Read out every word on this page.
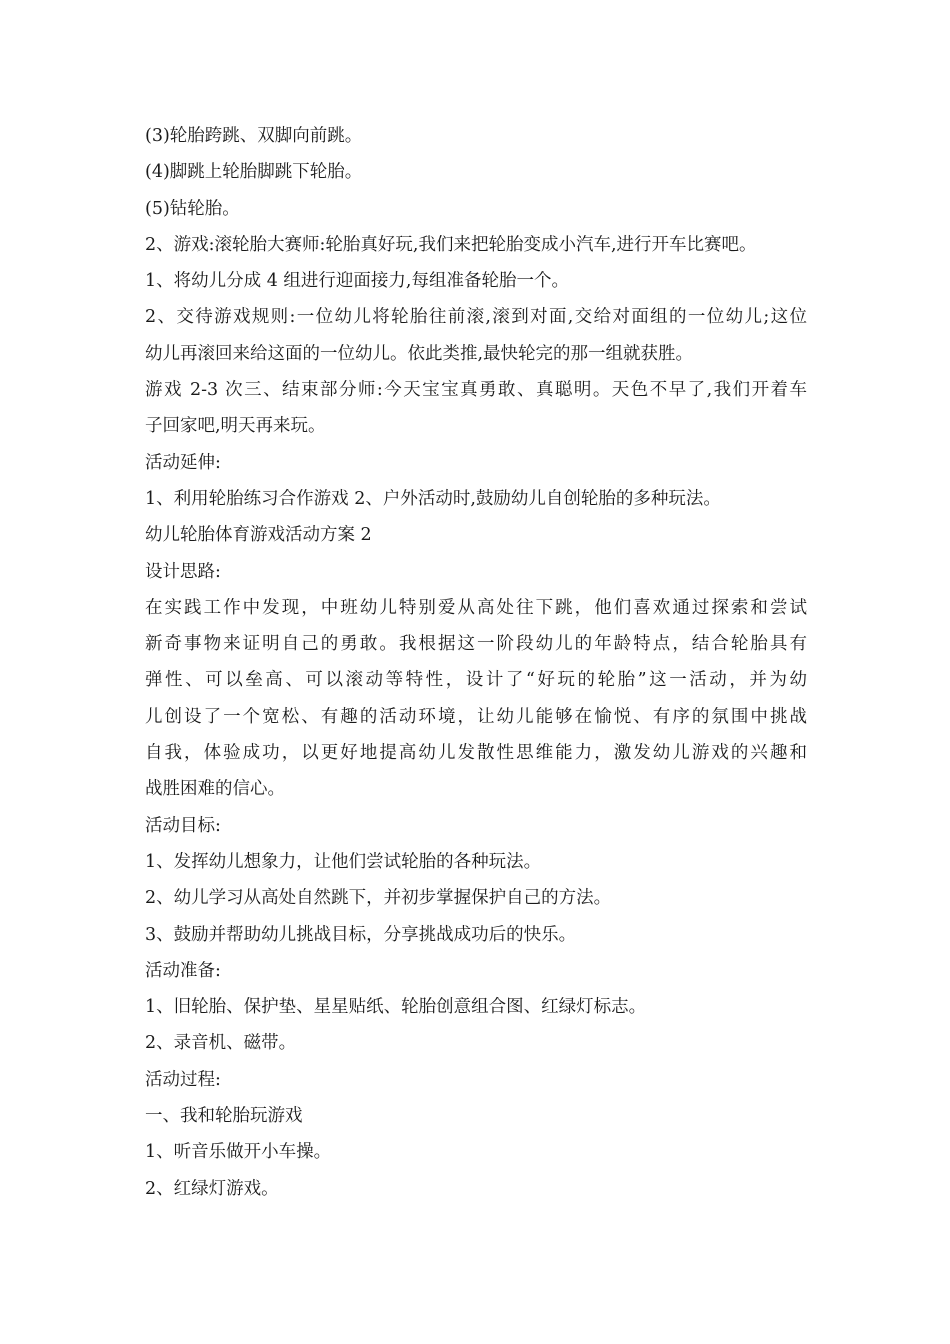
(3)轮胎跨跳、双脚向前跳。
(4)脚跳上轮胎脚跳下轮胎。
(5)钻轮胎。
2、游戏:滚轮胎大赛师:轮胎真好玩,我们来把轮胎变成小汽车,进行开车比赛吧。
1、将幼儿分成 4 组进行迎面接力,每组准备轮胎一个。
2、交待游戏规则:一位幼儿将轮胎往前滚,滚到对面,交给对面组的一位幼儿;这位
幼儿再滚回来给这面的一位幼儿。依此类推,最快轮完的那一组就获胜。
游戏 2-3 次三、结束部分师:今天宝宝真勇敢、真聪明。天色不早了,我们开着车
子回家吧,明天再来玩。
活动延伸:
1、利用轮胎练习合作游戏 2、户外活动时,鼓励幼儿自创轮胎的多种玩法。
幼儿轮胎体育游戏活动方案 2
设计思路:
在实践工作中发现，中班幼儿特别爱从高处往下跳，他们喜欢通过探索和尝试
新奇事物来证明自己的勇敢。我根据这一阶段幼儿的年龄特点，结合轮胎具有
弹性、可以垒高、可以滚动等特性，设计了“好玩的轮胎”这一活动，并为幼
儿创设了一个宽松、有趣的活动环境，让幼儿能够在愉悦、有序的氛围中挑战
自我，体验成功，以更好地提高幼儿发散性思维能力，激发幼儿游戏的兴趣和
战胜困难的信心。
活动目标:
1、发挥幼儿想象力，让他们尝试轮胎的各种玩法。
2、幼儿学习从高处自然跳下，并初步掌握保护自己的方法。
3、鼓励并帮助幼儿挑战目标，分享挑战成功后的快乐。
活动准备:
1、旧轮胎、保护垫、星星贴纸、轮胎创意组合图、红绿灯标志。
2、录音机、磁带。
活动过程:
一、我和轮胎玩游戏
1、听音乐做开小车操。
2、红绿灯游戏。
